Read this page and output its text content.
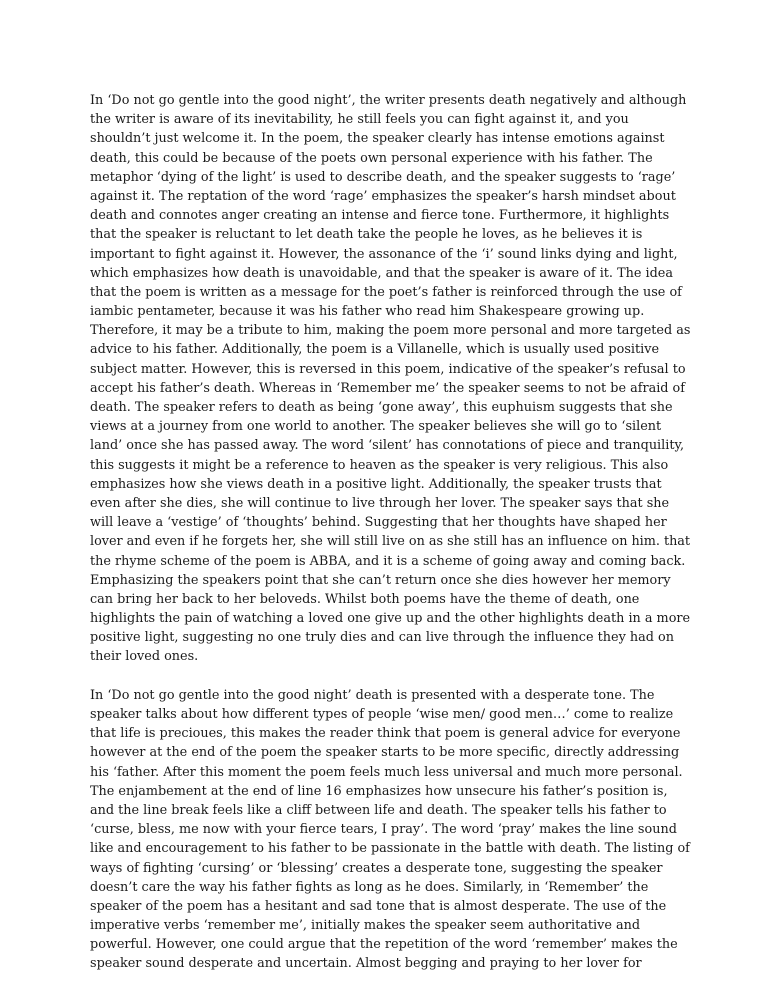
In ‘Do not go gentle into the good night’, the writer presents death negatively and although
the writer is aware of its inevitability, he still feels you can fight against it, and you
shouldn’t just welcome it. In the poem, the speaker clearly has intense emotions against
death, this could be because of the poets own personal experience with his father. The
metaphor ‘dying of the light’ is used to describe death, and the speaker suggests to ‘rage’
against it. The reptation of the word ‘rage’ emphasizes the speaker’s harsh mindset about
death and connotes anger creating an intense and fierce tone. Furthermore, it highlights
that the speaker is reluctant to let death take the people he loves, as he believes it is
important to fight against it. However, the assonance of the ‘i’ sound links dying and light,
which emphasizes how death is unavoidable, and that the speaker is aware of it. The idea
that the poem is written as a message for the poet’s father is reinforced through the use of
iambic pentameter, because it was his father who read him Shakespeare growing up.
Therefore, it may be a tribute to him, making the poem more personal and more targeted as
advice to his father. Additionally, the poem is a Villanelle, which is usually used positive
subject matter. However, this is reversed in this poem, indicative of the speaker’s refusal to
accept his father’s death. Whereas in ‘Remember me’ the speaker seems to not be afraid of
death. The speaker refers to death as being ‘gone away’, this euphuism suggests that she
views at a journey from one world to another. The speaker believes she will go to ‘silent
land’ once she has passed away. The word ‘silent’ has connotations of piece and tranquility,
this suggests it might be a reference to heaven as the speaker is very religious. This also
emphasizes how she views death in a positive light. Additionally, the speaker trusts that
even after she dies, she will continue to live through her lover. The speaker says that she
will leave a ‘vestige’ of ‘thoughts’ behind. Suggesting that her thoughts have shaped her
lover and even if he forgets her, she will still live on as she still has an influence on him. that
the rhyme scheme of the poem is ABBA, and it is a scheme of going away and coming back.
Emphasizing the speakers point that she can’t return once she dies however her memory
can bring her back to her beloveds. Whilst both poems have the theme of death, one
highlights the pain of watching a loved one give up and the other highlights death in a more
positive light, suggesting no one truly dies and can live through the influence they had on
their loved ones.
In ‘Do not go gentle into the good night’ death is presented with a desperate tone. The
speaker talks about how different types of people ‘wise men/ good men…’ come to realize
that life is precioues, this makes the reader think that poem is general advice for everyone
however at the end of the poem the speaker starts to be more specific, directly addressing
his ‘father. After this moment the poem feels much less universal and much more personal.
The enjambement at the end of line 16 emphasizes how unsecure his father’s position is,
and the line break feels like a cliff between life and death. The speaker tells his father to
‘curse, bless, me now with your fierce tears, I pray’. The word ‘pray’ makes the line sound
like and encouragement to his father to be passionate in the battle with death. The listing of
ways of fighting ‘cursing’ or ‘blessing’ creates a desperate tone, suggesting the speaker
doesn’t care the way his father fights as long as he does. Similarly, in ‘Remember’ the
speaker of the poem has a hesitant and sad tone that is almost desperate. The use of the
imperative verbs ‘remember me’, initially makes the speaker seem authoritative and
powerful. However, one could argue that the repetition of the word ‘remember’ makes the
speaker sound desperate and uncertain. Almost begging and praying to her lover for
